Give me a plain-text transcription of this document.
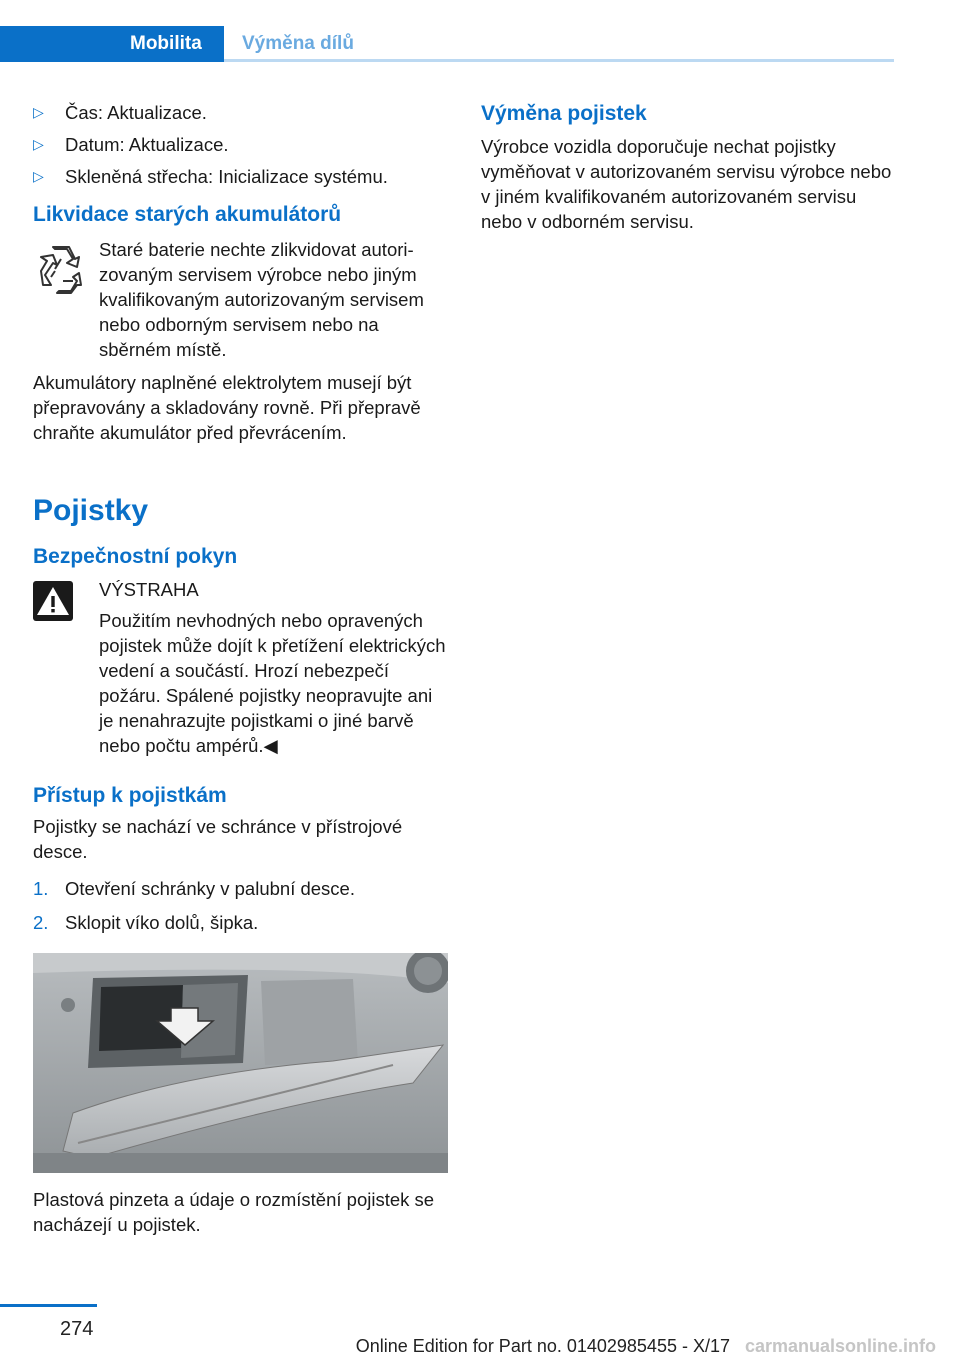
Mobilita	Výměna dílů
▷ Čas: Aktualizace.
▷ Datum: Aktualizace.
▷ Skleněná střecha: Inicializace systému.
Likvidace starých akumulátorů

Staré baterie nechte zlikvidovat autorizovaným servisem výrobce nebo jiným kvalifikovaným autorizovaným servisem nebo odborným servisem nebo na sběrném místě.

Akumulátory naplněné elektrolytem musejí být přepravovány a skladovány rovně. Při přepravě chraňte akumulátor před převrácením.

Pojistky
Bezpečnostní pokyn
VÝSTRAHA

Použitím nevhodných nebo opravených pojistek může dojít k přetížení elektrických vedení a součástí. Hrozí nebezpečí požáru. Spálené pojistky neopravujte ani je nenahrazujte pojistkami o jiné barvě nebo počtu ampérů.◀

Přístup k pojistkám

Pojistky se nachází ve schránce v přístrojové desce.

1. Otevření schránky v palubní desce.
2. Sklopit víko dolů, šipka.

Plastová pinzeta a údaje o rozmístění pojistek se nacházejí u pojistek.

Výměna pojistek

Výrobce vozidla doporučuje nechat pojistky vyměňovat v autorizovaném servisu výrobce nebo v jiném kvalifikovaném autorizovaném servisu nebo v odborném servisu.

274
Online Edition for Part no. 01402985455 - X/17 carmanualsonline.info
